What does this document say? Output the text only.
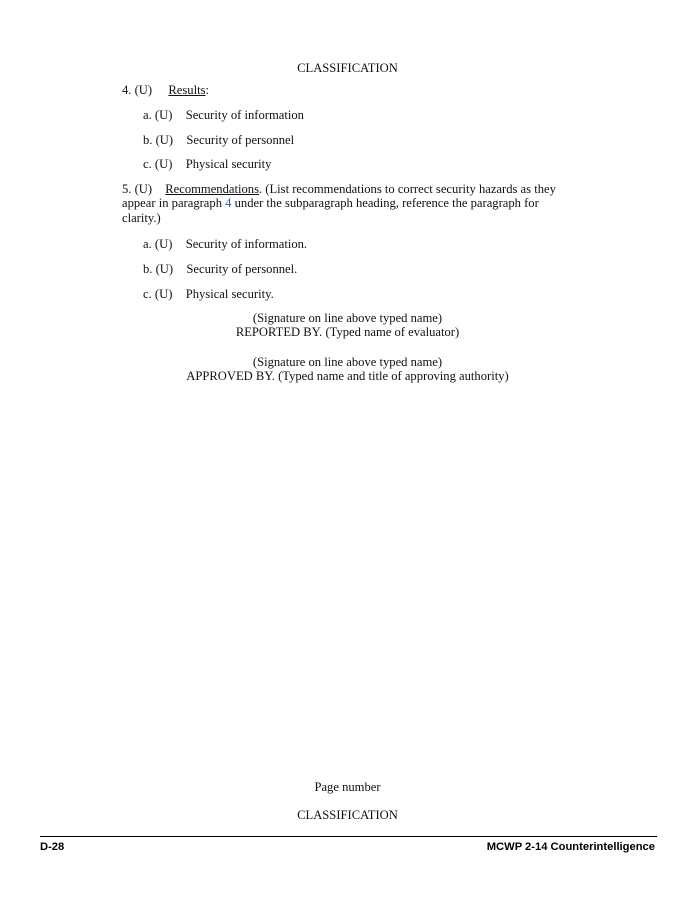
CLASSIFICATION
4. (U) Results:
a. (U) Security of information
b. (U) Security of personnel
c. (U) Physical security
5. (U) Recommendations. (List recommendations to correct security hazards as they appear in paragraph 4 under the subparagraph heading, reference the paragraph for clarity.)
a. (U) Security of information.
b. (U) Security of personnel.
c. (U) Physical security.
(Signature on line above typed name)
REPORTED BY. (Typed name of evaluator)
(Signature on line above typed name)
APPROVED BY. (Typed name and title of approving authority)
Page number
CLASSIFICATION
D-28	MCWP 2-14 Counterintelligence
